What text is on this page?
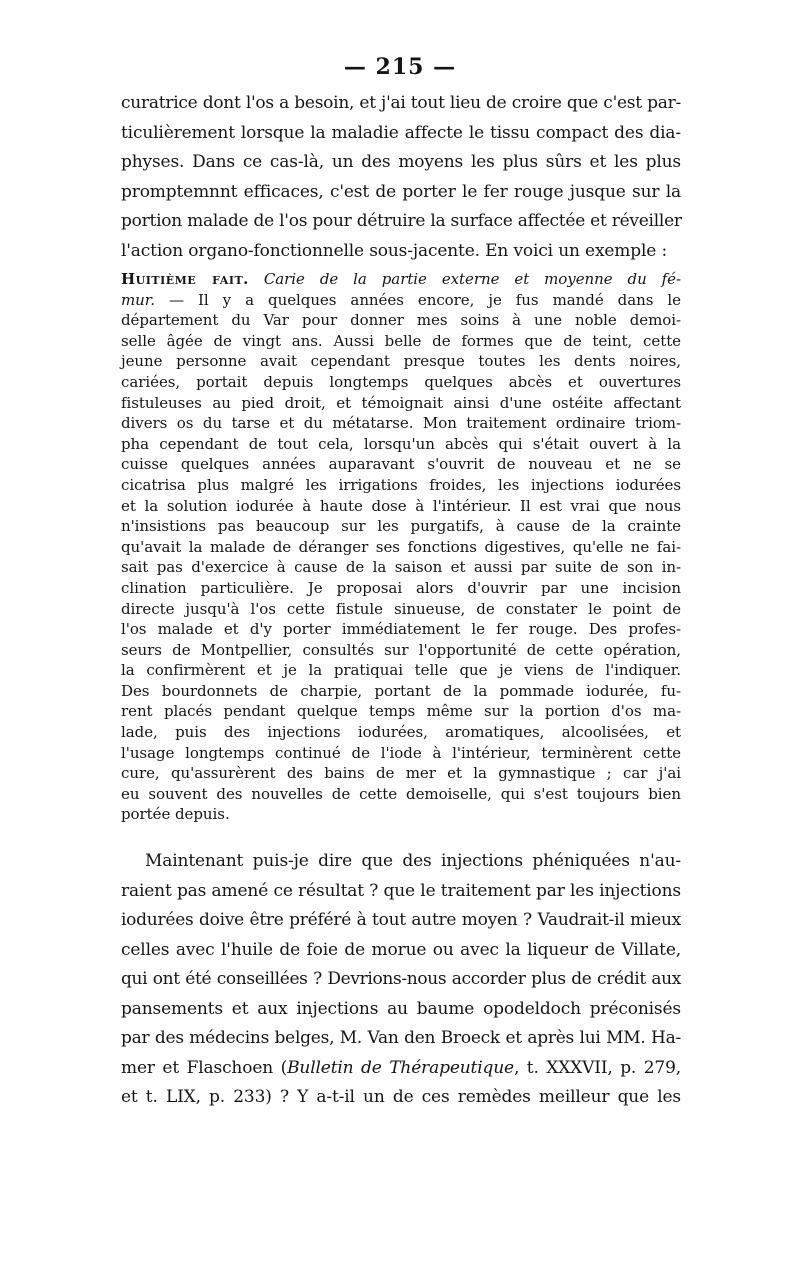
— 215 —
curatrice dont l'os a besoin, et j'ai tout lieu de croire que c'est par-
ticulièrement lorsque la maladie affecte le tissu compact des dia-
physes. Dans ce cas-là, un des moyens les plus sûrs et les plus
promptemnnt efficaces, c'est de porter le fer rouge jusque sur la
portion malade de l'os pour détruire la surface affectée et réveiller
l'action organo-fonctionnelle sous-jacente. En voici un exemple :
Huitième fait. Carie de la partie externe et moyenne du fé-
mur. — Il y a quelques années encore, je fus mandé dans le
département du Var pour donner mes soins à une noble demoi-
selle âgée de vingt ans. Aussi belle de formes que de teint, cette
jeune personne avait cependant presque toutes les dents noires,
cariées, portait depuis longtemps quelques abcès et ouvertures
fistuleuses au pied droit, et témoignait ainsi d'une ostéite affectant
divers os du tarse et du métatarse. Mon traitement ordinaire triom-
pha cependant de tout cela, lorsqu'un abcès qui s'était ouvert à la
cuisse quelques années auparavant s'ouvrit de nouveau et ne se
cicatrisa plus malgré les irrigations froides, les injections iodurées
et la solution iodurée à haute dose à l'intérieur. Il est vrai que nous
n'insistions pas beaucoup sur les purgatifs, à cause de la crainte
qu'avait la malade de déranger ses fonctions digestives, qu'elle ne fai-
sait pas d'exercice à cause de la saison et aussi par suite de son in-
clination particulière. Je proposai alors d'ouvrir par une incision
directe jusqu'à l'os cette fistule sinueuse, de constater le point de
l'os malade et d'y porter immédiatement le fer rouge. Des profes-
seurs de Montpellier, consultés sur l'opportunité de cette opération,
la confirmèrent et je la pratiquai telle que je viens de l'indiquer.
Des bourdonnets de charpie, portant de la pommade iodurée, fu-
rent placés pendant quelque temps même sur la portion d'os ma-
lade, puis des injections iodurées, aromatiques, alcoolisées, et
l'usage longtemps continué de l'iode à l'intérieur, terminèrent cette
cure, qu'assurèrent des bains de mer et la gymnastique ; car j'ai
eu souvent des nouvelles de cette demoiselle, qui s'est toujours bien
portée depuis.
Maintenant puis-je dire que des injections phéniquées n'au-
raient pas amené ce résultat ? que le traitement par les injections
iodurées doive être préféré à tout autre moyen ? Vaudrait-il mieux
celles avec l'huile de foie de morue ou avec la liqueur de Villate,
qui ont été conseillées ? Devrions-nous accorder plus de crédit aux
pansements et aux injections au baume opodeldoch préconisés
par des médecins belges, M. Van den Broeck et après lui MM. Ha-
mer et Flaschoen (Bulletin de Thérapeutique, t. XXXVII, p. 279,
et t. LIX, p. 233) ? Y a-t-il un de ces remèdes meilleur que les
